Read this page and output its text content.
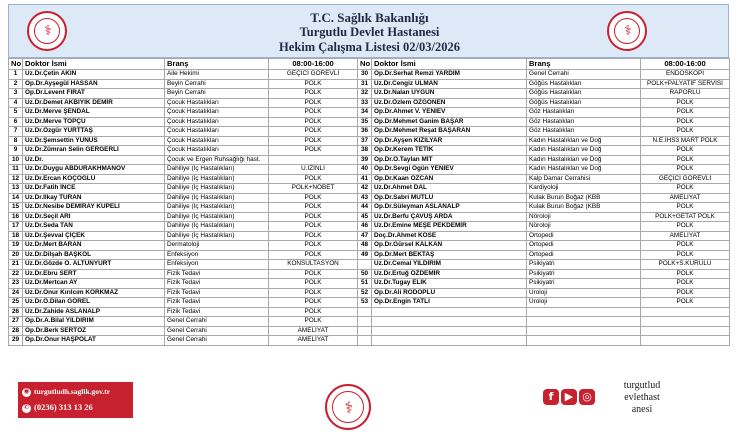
⚕	⚕
T.C. Sağlık Bakanlığı
Turgutlu Devlet Hastanesi
Hekim Çalışma Listesi 02/03/2026
No	Doktor İsmi	Branş	08:00-16:00
1	Uz.Dr.Çetin AKIN	Aile Hekimi	GEÇİCİ GÖREVLİ
2	Op.Dr.Ayşegül HASSAN	Beyin Cerrahi	POLK
3	Op.Dr.Levent FIRAT	Beyin Cerrahi	POLK
4	Uz.Dr.Demet AKBIYIK DEMİR	Çocuk Hastalıkları	POLK
5	Uz.Dr.Merve ŞENDAL	Çocuk Hastalıkları	POLK
6	Uz.Dr.Merve TOPÇU	Çocuk Hastalıkları	POLK
7	Uz.Dr.Özgür YURTTAŞ	Çocuk Hastalıkları	POLK
8	Uz.Dr.Şemsettin YUNUS	Çocuk Hastalıkları	POLK
9	Uz.Dr.Zümran Selin GERGERLİ	Çocuk Hastalıkları	POLK
10	Uz.Dr.	Çocuk ve Ergen Ruhsağlığı hast.	
11	Uz.Dr.Duygu ABDURAKHMANOV	Dahiliye (İç Hastalıkları)	Ü.İZİNLİ
12	Uz.Dr.Ercan KOÇOĞLU	Dahiliye (İç Hastalıkları)	POLK
13	Uz.Dr.Fatih İNCE	Dahiliye (İç Hastalıkları)	POLK+NÖBET
14	Uz.Dr.İlkay TURAN	Dahiliye (İç Hastalıkları)	POLK
15	Uz.Dr.Nesibe DEMİRAY KÜPELİ	Dahiliye (İç Hastalıkları)	POLK
16	Uz.Dr.Seçil ARI	Dahiliye (İç Hastalıkları)	POLK
17	Uz.Dr.Seda TAN	Dahiliye (İç Hastalıkları)	POLK
18	Uz.Dr.Şevval ÇİÇEK	Dahiliye (İç Hastalıkları)	POLK
19	Uz.Dr.Mert BARAN	Dermatoloji	POLK
20	Uz.Dr.Dilşah BAŞKOL	Enfeksiyon	POLK
21	Uz.Dr.Gözde Ö. ALTUNYURT	Enfeksiyon	KONSULTASYON
22	Uz.Dr.Ebru SERT	Fizik Tedavi	POLK
23	Uz.Dr.Mertcan AY	Fizik Tedavi	POLK
24	Uz.Dr.Onur Kırılcım KORKMAZ	Fizik Tedavi	POLK
25	Uz.Dr.Ö.Dilan GÖREL	Fizik Tedavi	POLK
26	Uz.Dr.Zahide ASLANALP	Fizik Tedavi	POLK
27	Op.Dr.A.Bilal YILDIRIM	Genel Cerrahi	POLK
28	Op.Dr.Berk SERTÖZ	Genel Cerrahi	AMELİYAT
29	Op.Dr.Onur HAŞPOLAT	Genel Cerrahi	AMELİYAT
No	Doktor İsmi	Branş	08:00-16:00
30	Op.Dr.Serhat Remzi YARDIM	Genel Cerrahi	ENDOSKOPİ
31	Uz.Dr.Cengiz ULMAN	Göğüs Hastalıkları	POLK+PALYATİF SERVİSİ
32	Uz.Dr.Nalan UYGUN	Göğüs Hastalıkları	RAPORLU
33	Uz.Dr.Özlem ÖZGÖNEN	Göğüs Hastalıkları	POLK
34	Op.Dr.Ahmet V. YENİEV	Göz Hastalıkları	POLK
35	Op.Dr.Mehmet Ganim BAŞAR	Göz Hastalıkları	POLK
36	Op.Dr.Mehmet Reşat BAŞARAN	Göz Hastalıkları	POLK
37	Op.Dr.Ayşen KIZILYAR	Kadın Hastalıkları ve Doğ	N.E.İHS3 MART POLK
38	Op.Dr.Kerem TETİK	Kadın Hastalıkları ve Doğ	POLK
39	Op.Dr.Ö.Taylan MİT	Kadın Hastalıkları ve Doğ	POLK
40	Op.Dr.Sevgi Ogün YENİEV	Kadın Hastalıkları ve Doğ	POLK
41	Op.Dr.Kaan ÖZCAN	Kalp Damar Cerrahisi	GEÇİCİ GÖREVLİ
42	Uz.Dr.Ahmet DAL	Kardiyoloji	POLK
43	Op.Dr.Sabri MUTLU	Kulak Burun Boğaz (KBB	AMELİYAT
44	Op.Dr.Süleyman ASLANALP	Kulak Burun Boğaz (KBB	POLK
45	Uz.Dr.Berfu ÇAVUŞ ARDA	Nöroloji	POLK+GETAT POLK
46	Uz.Dr.Emine MEŞE PEKDEMİR	Nöroloji	POLK
47	Doç.Dr.Ahmet KÖSE	Ortopedi	AMELİYAT
48	Op.Dr.Gürsel KALKAN	Ortopedi	POLK
49	Op.Dr.Mert BEKTAŞ	Ortopedi	POLK
	Uz.Dr.Cemal YILDIRIM	Psikiyatri	POLK+S.KURULU
50	Uz.Dr.Ertuğ ÖZDEMİR	Psikiyatri	POLK
51	Uz.Dr.Tugay ELİK	Psikiyatri	POLK
52	Op.Dr.Ali RODOPLU	Üroloji	POLK
53	Op.Dr.Engin TATLI	Üroloji	POLK

◉ turgutludh.saglik.gov.tr
✆ (0236) 313 13 26	⚕
f ▶ ◎
turgutlud
evlethast
anesi
